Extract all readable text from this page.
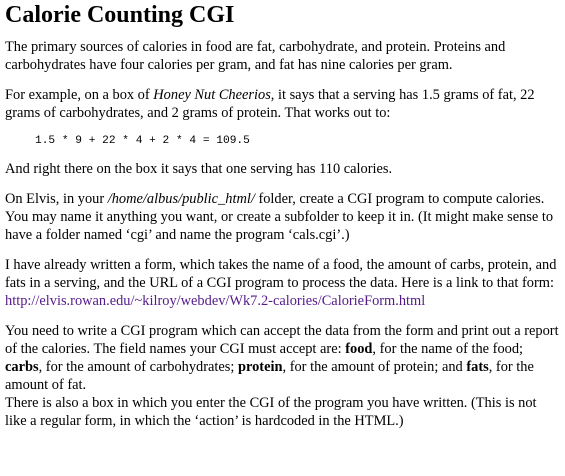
Calorie Counting CGI

The primary sources of calories in food are fat, carbohydrate, and protein. Proteins and carbohydrates have four calories per gram, and fat has nine calories per gram.

For example, on a box of Honey Nut Cheerios, it says that a serving has 1.5 grams of fat, 22 grams of carbohydrates, and 2 grams of protein. That works out to:

1.5 * 9 + 22 * 4 + 2 * 4 = 109.5

And right there on the box it says that one serving has 110 calories.

On Elvis, in your /home/albus/public_html/ folder, create a CGI program to compute calories. You may name it anything you want, or create a subfolder to keep it in. (It might make sense to have a folder named ‘cgi’ and name the program ‘cals.cgi’.)

I have already written a form, which takes the name of a food, the amount of carbs, protein, and fats in a serving, and the URL of a CGI program to process the data. Here is a link to that form:
http://elvis.rowan.edu/~kilroy/webdev/Wk7.2-calories/CalorieForm.html

You need to write a CGI program which can accept the data from the form and print out a report of the calories. The field names your CGI must accept are: food, for the name of the food; carbs, for the amount of carbohydrates; protein, for the amount of protein; and fats, for the amount of fat.

There is also a box in which you enter the CGI of the program you have written. (This is not like a regular form, in which the ‘action’ is hardcoded in the HTML.)
